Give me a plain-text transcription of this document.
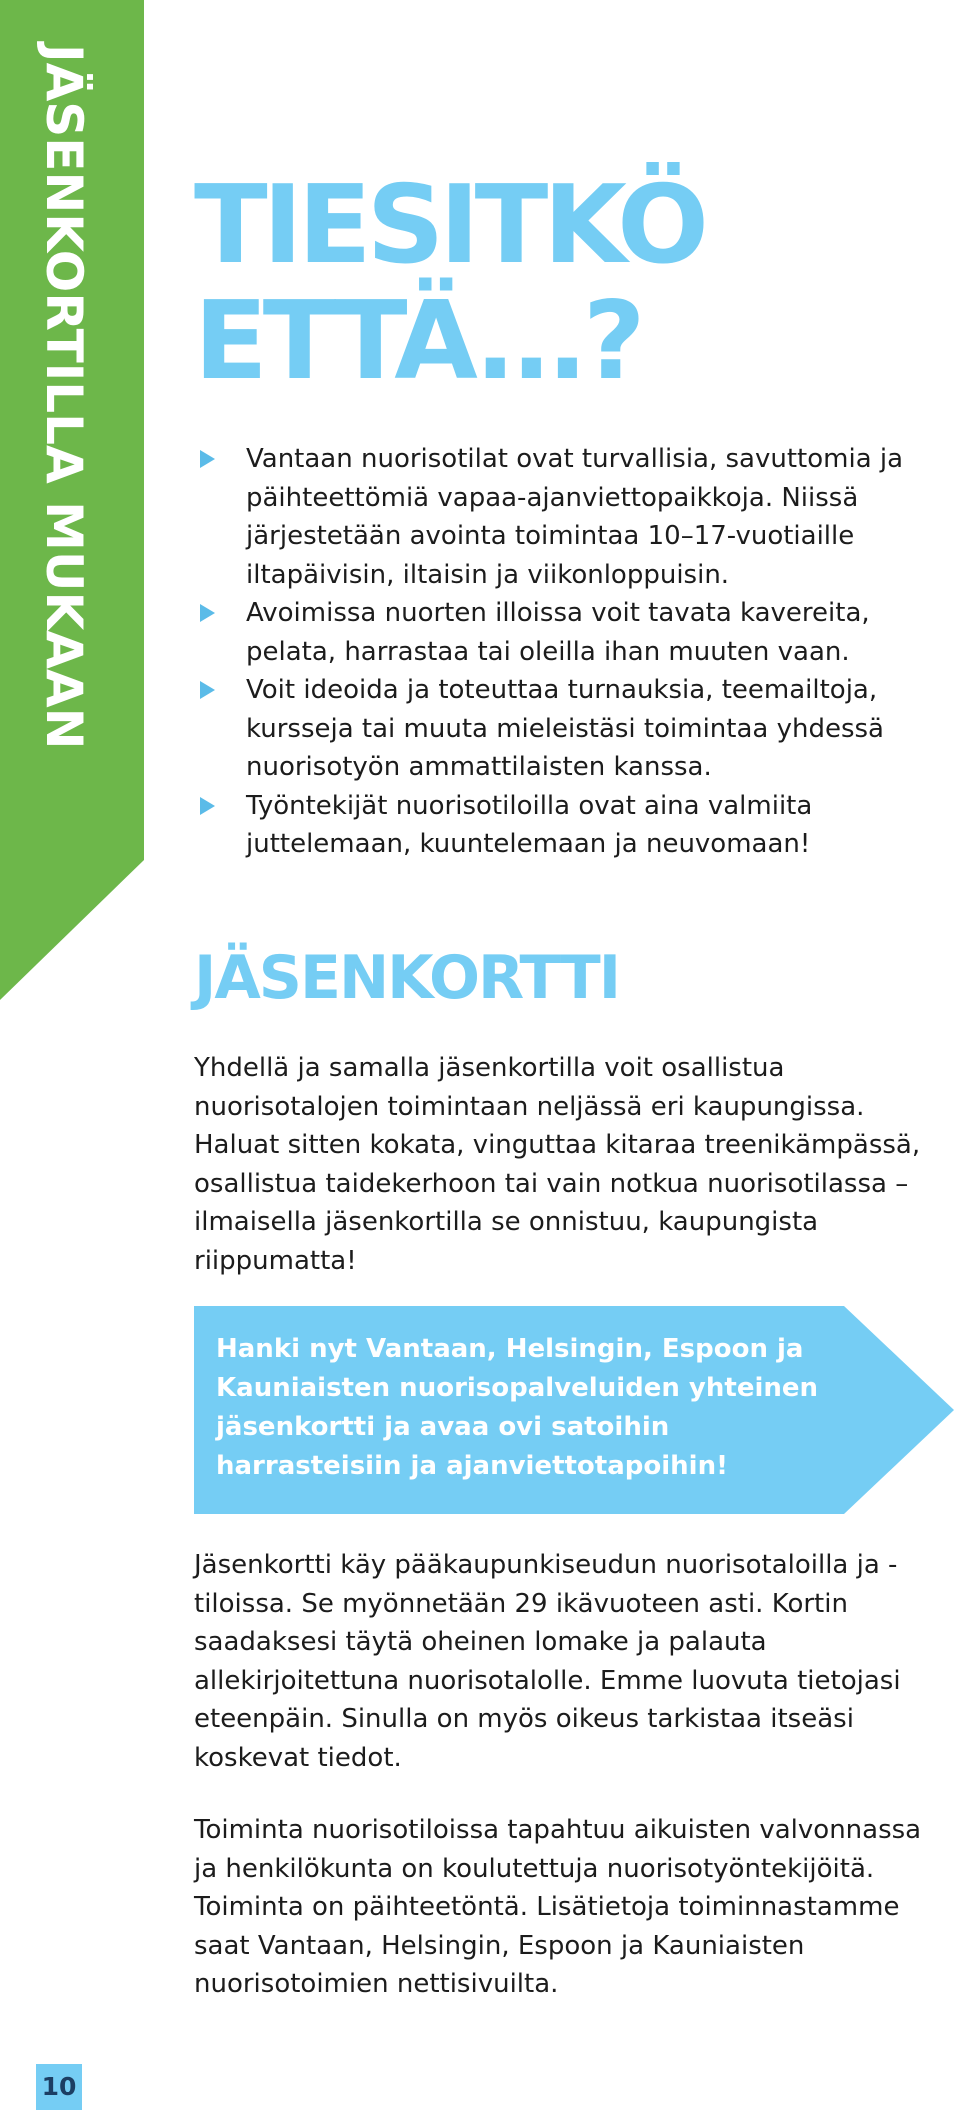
JÄSENKORTILLA MUKAAN TIESITKÖ
ETTÄ...?
Vantaan nuorisotilat ovat turvallisia, savuttomia ja päihteettömiä vapaa-ajanviettopaikkoja. Niissä järjestetään avointa toimintaa 10–17-vuotiaille iltapäivisin, iltaisin ja viikonloppuisin.
Avoimissa nuorten illoissa voit tavata kavereita, pelata, harrastaa tai oleilla ihan muuten vaan.
Voit ideoida ja toteuttaa turnauksia, teemailtoja, kursseja tai muuta mieleistäsi toimintaa yhdessä nuorisotyön ammattilaisten kanssa.
Työntekijät nuorisotiloilla ovat aina valmiita juttelemaan, kuuntelemaan ja neuvomaan!
JÄSENKORTTI

Yhdellä ja samalla jäsenkortilla voit osallistua nuorisotalojen toimintaan neljässä eri kaupungissa. Haluat sitten kokata, vinguttaa kitaraa treenikämpässä, osallistua taidekerhoon tai vain notkua nuorisotilassa – ilmaisella jäsenkortilla se onnistuu, kaupungista riippumatta!

Hanki nyt Vantaan, Helsingin, Espoon ja Kauniaisten nuorisopalveluiden yhteinen jäsenkortti ja avaa ovi satoihin harrasteisiin ja ajanviettotapoihin!

Jäsenkortti käy pääkaupunkiseudun nuorisotaloilla ja -tiloissa. Se myönnetään 29 ikävuoteen asti. Kortin saadaksesi täytä oheinen lomake ja palauta allekirjoitettuna nuorisotalolle. Emme luovuta tietojasi eteenpäin. Sinulla on myös oikeus tarkistaa itseäsi koskevat tiedot.

Toiminta nuorisotiloissa tapahtuu aikuisten valvonnassa ja henkilökunta on koulutettuja nuorisotyöntekijöitä. Toiminta on päihteetöntä. Lisätietoja toiminnastamme saat Vantaan, Helsingin, Espoon ja Kauniaisten nuorisotoimien nettisivuilta.

10
